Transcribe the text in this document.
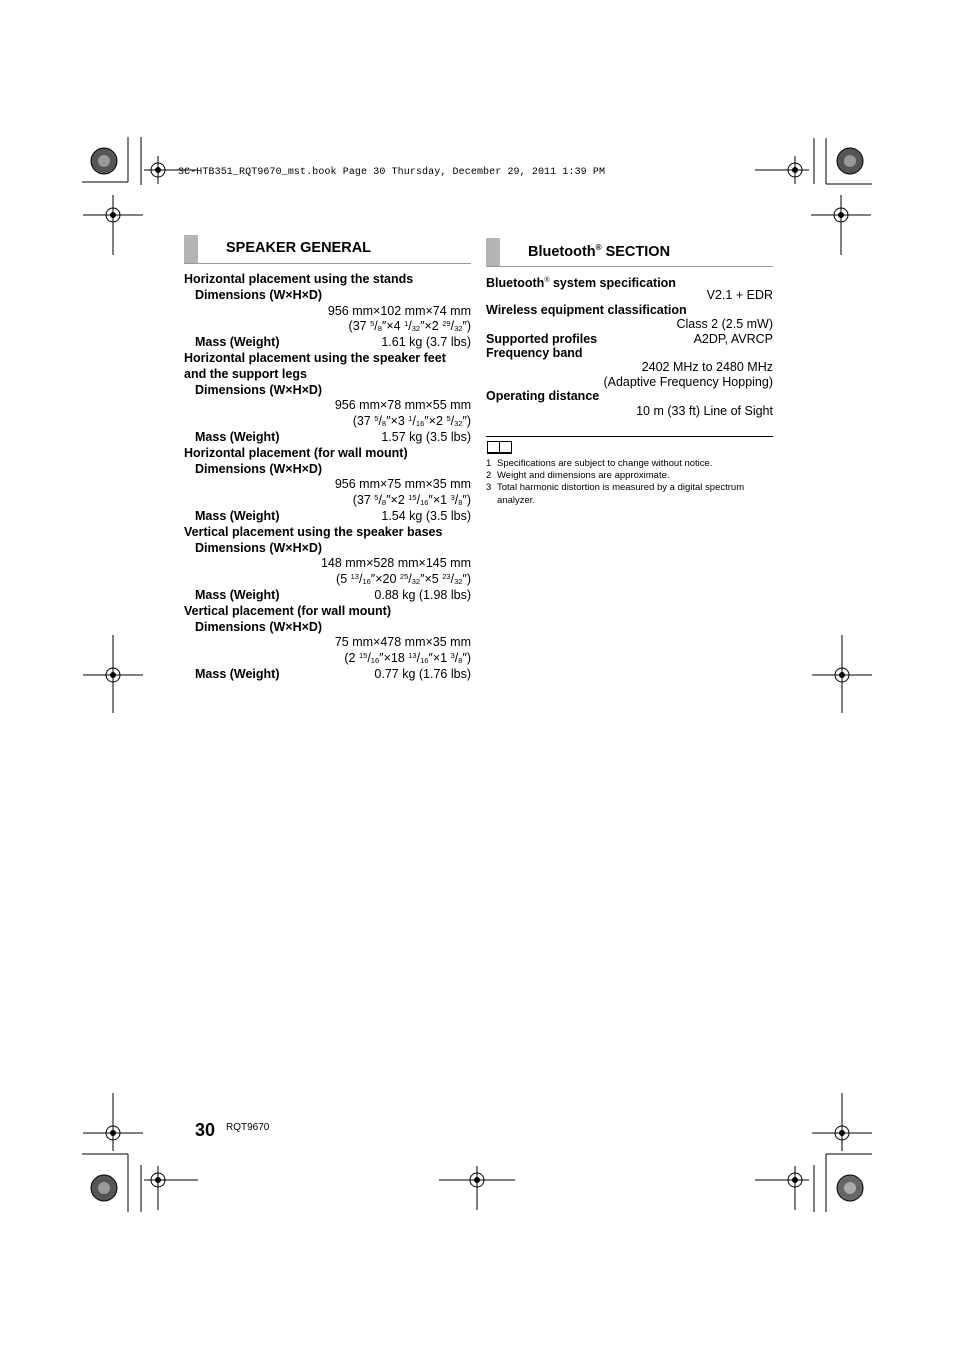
SC-HTB351_RQT9670_mst.book Page 30 Thursday, December 29, 2011 1:39 PM
SPEAKER GENERAL
Horizontal placement using the stands
Dimensions (W×H×D)
956 mm×102 mm×74 mm
(37 $^5/_8''\times 4$ $^1/_{32}''\times 2$ $^{29}/_{32}''$)
Mass (Weight)	1.61 kg (3.7 lbs)
Horizontal placement using the speaker feet
and the support legs
Dimensions (W×H×D)
956 mm×78 mm×55 mm
(37 $^5/_8''\times 3$ $^1/_{16}''\times 2$ $^5/_{32}''$)
Mass (Weight)	1.57 kg (3.5 lbs)
Horizontal placement (for wall mount)
Dimensions (W×H×D)
956 mm×75 mm×35 mm
(37 $^5/_8''\times 2$ $^{15}/_{16}''\times 1$ $^3/_8''$)
Mass (Weight)	1.54 kg (3.5 lbs)
Vertical placement using the speaker bases
Dimensions (W×H×D)
148 mm×528 mm×145 mm
(5 $^{13}/_{16}''\times 20$ $^{25}/_{32}''\times 5$ $^{23}/_{32}''$)
Mass (Weight)	0.88 kg (1.98 lbs)
Vertical placement (for wall mount)
Dimensions (W×H×D)
75 mm×478 mm×35 mm
(2 $^{15}/_{16}''\times 18$ $^{13}/_{16}''\times 1$ $^3/_8''$)
Mass (Weight)	0.77 kg (1.76 lbs)
Bluetooth® SECTION
Bluetooth® system specification
V2.1 + EDR
Wireless equipment classification
Class 2 (2.5 mW)
Supported profiles	A2DP, AVRCP
Frequency band
2402 MHz to 2480 MHz
(Adaptive Frequency Hopping)
Operating distance
10 m (33 ft) Line of Sight
1 Specifications are subject to change without notice.
2 Weight and dimensions are approximate.
3 Total harmonic distortion is measured by a digital spectrum analyzer.
30 RQT9670
